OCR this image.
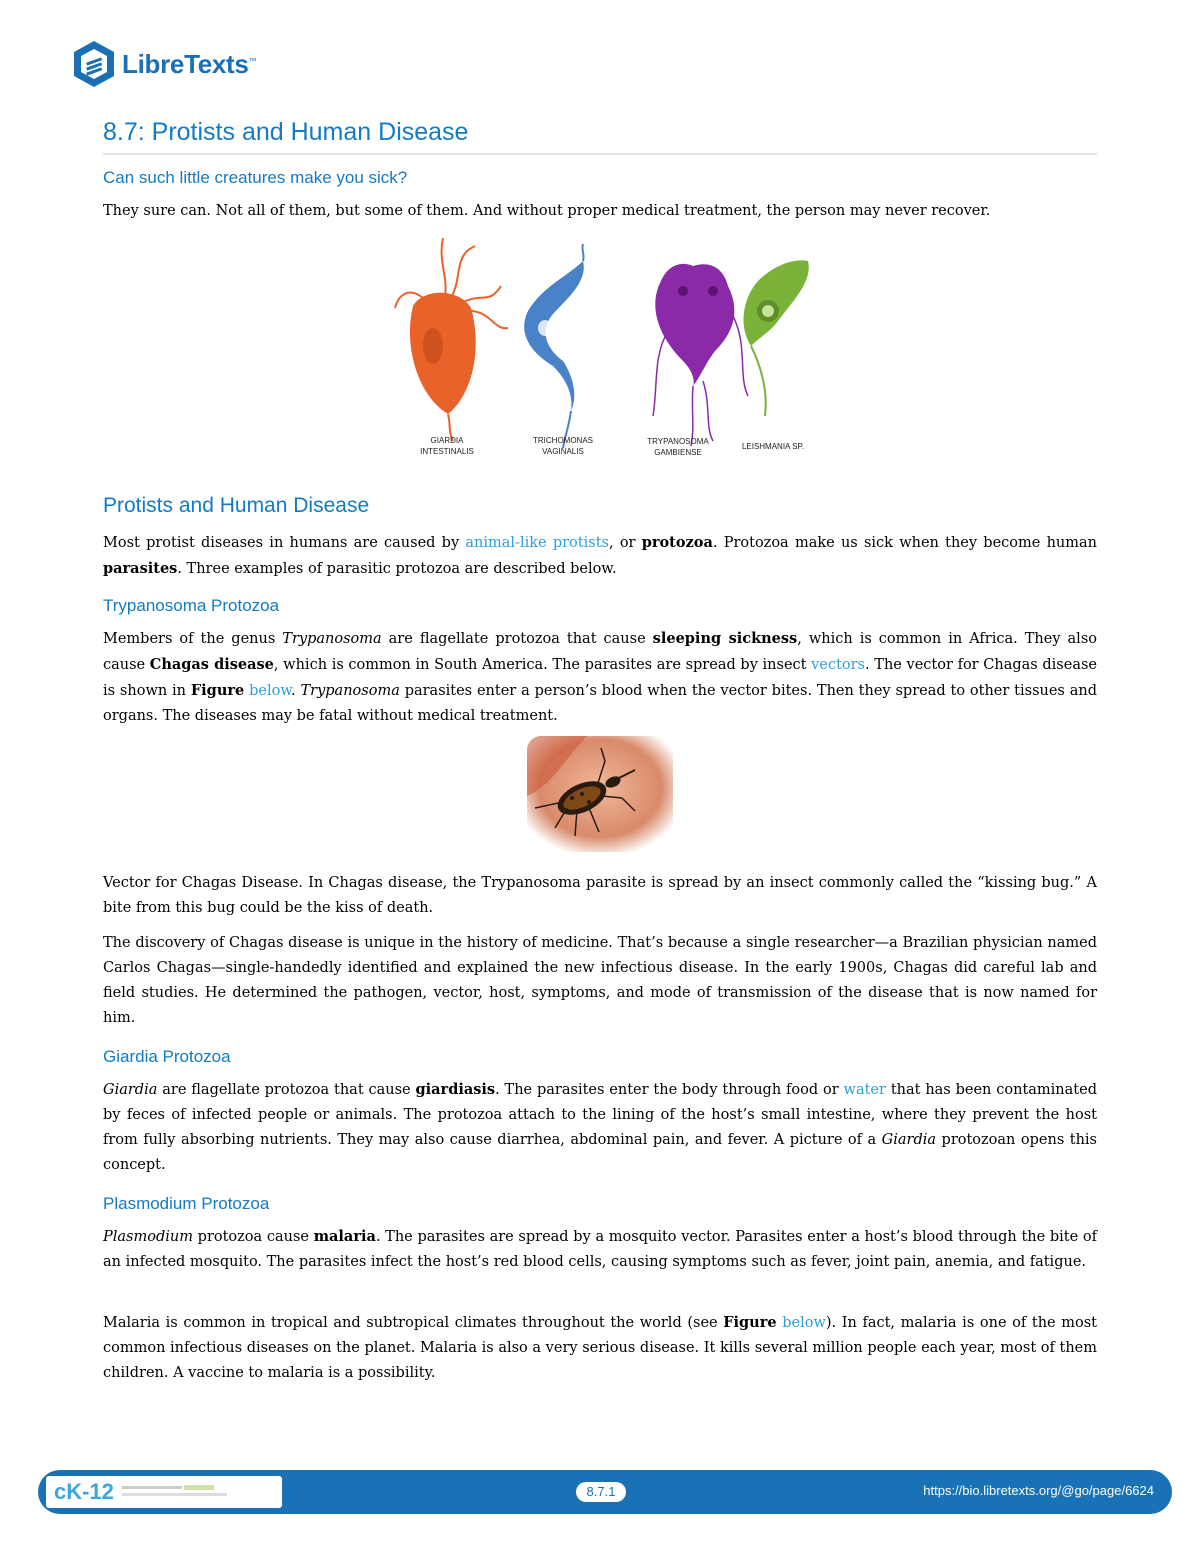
LibreTexts™
8.7: Protists and Human Disease
Can such little creatures make you sick?

They sure can. Not all of them, but some of them. And without proper medical treatment, the person may never recover.

GIARDIA
INTESTINALIS
TRICHOMONAS
VAGINALIS
TRYPANOSOMA
GAMBIENSE
LEISHMANIA SP.
Protists and Human Disease

Most protist diseases in humans are caused by animal-like protists, or protozoa. Protozoa make us sick when they become human parasites. Three examples of parasitic protozoa are described below.

Trypanosoma Protozoa

Members of the genus Trypanosoma are flagellate protozoa that cause sleeping sickness, which is common in Africa. They also cause Chagas disease, which is common in South America. The parasites are spread by insect vectors. The vector for Chagas disease is shown in Figure below. Trypanosoma parasites enter a person’s blood when the vector bites. Then they spread to other tissues and organs. The diseases may be fatal without medical treatment.

Vector for Chagas Disease. In Chagas disease, the Trypanosoma parasite is spread by an insect commonly called the “kissing bug.” A bite from this bug could be the kiss of death.

The discovery of Chagas disease is unique in the history of medicine. That’s because a single researcher—a Brazilian physician named Carlos Chagas—single-handedly identified and explained the new infectious disease. In the early 1900s, Chagas did careful lab and field studies. He determined the pathogen, vector, host, symptoms, and mode of transmission of the disease that is now named for him.

Giardia Protozoa

Giardia are flagellate protozoa that cause giardiasis. The parasites enter the body through food or water that has been contaminated by feces of infected people or animals. The protozoa attach to the lining of the host’s small intestine, where they prevent the host from fully absorbing nutrients. They may also cause diarrhea, abdominal pain, and fever. A picture of a Giardia protozoan opens this concept.

Plasmodium Protozoa

Plasmodium protozoa cause malaria. The parasites are spread by a mosquito vector. Parasites enter a host’s blood through the bite of an infected mosquito. The parasites infect the host’s red blood cells, causing symptoms such as fever, joint pain, anemia, and fatigue.

Malaria is common in tropical and subtropical climates throughout the world (see Figure below). In fact, malaria is one of the most common infectious diseases on the planet. Malaria is also a very serious disease. It kills several million people each year, most of them children. A vaccine to malaria is a possibility.

cK-12	8.7.1	https://bio.libretexts.org/@go/page/6624
